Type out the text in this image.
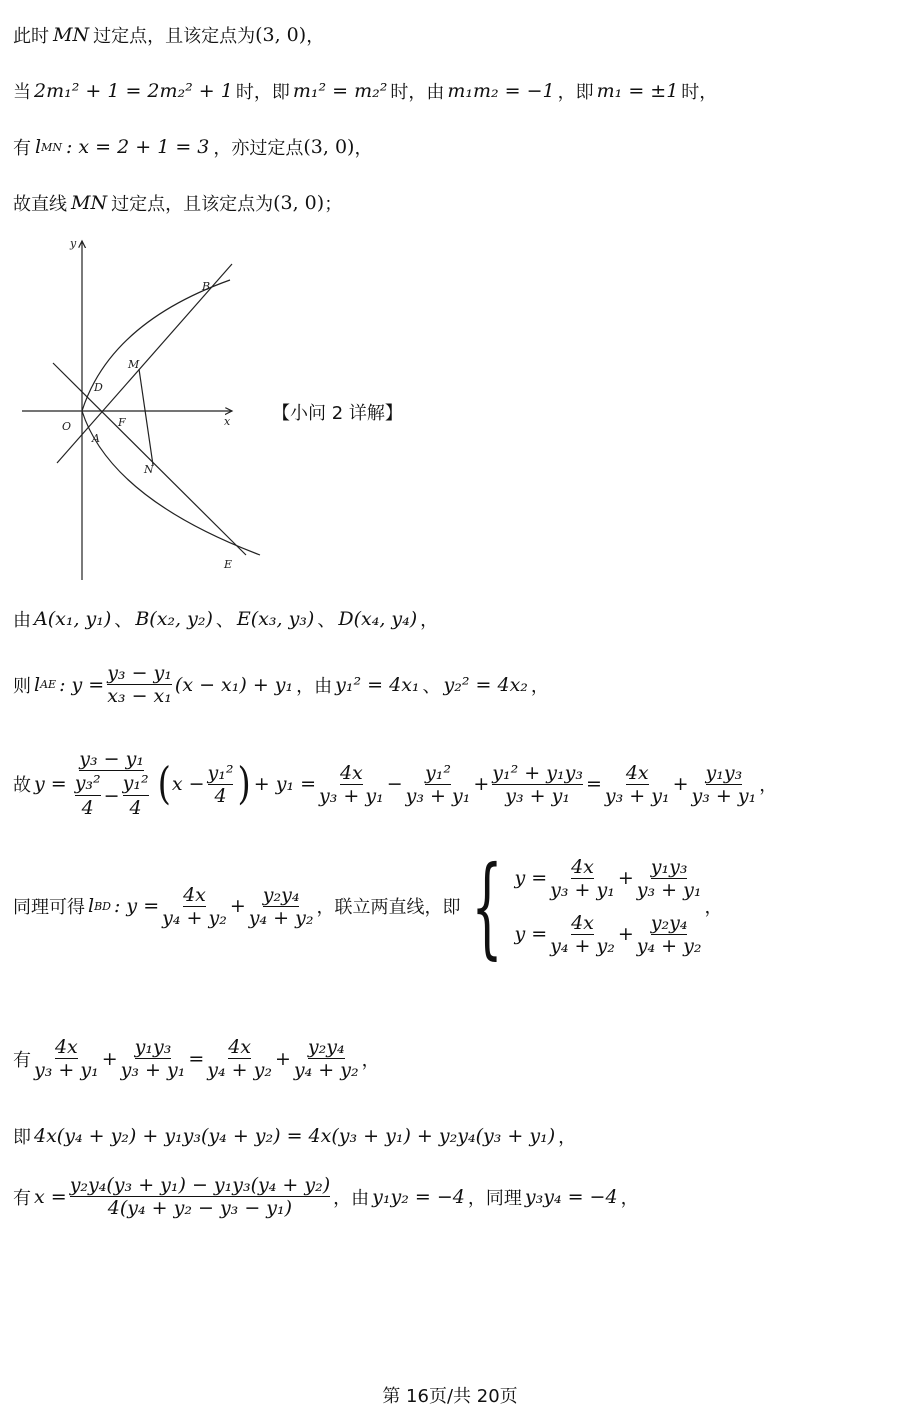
此时 MN 过定点，且该定点为 (3, 0) ，
当 2m₁² + 1 = 2m₂² + 1 时，即 m₁² = m₂² 时，由 m₁m₂ = −1 ，即 m₁ = ±1 时，
有 l MN : x = 2 + 1 = 3 ，亦过定点 (3, 0) ，
故直线 MN 过定点，且该定点为 (3, 0) ；
y
x
O
A
D
F
M
N
B
E
【小问 2 详解】
由 A(x₁, y₁) 、 B(x₂, y₂) 、 E(x₃, y₃) 、 D(x₄, y₄) ，
则 l AE : $y = \frac{\text{y₃ − y₁}}{\text{x₃ − x₁}} (x - x_1) + y_1$ ，由 y₁² = 4x₁ 、 y₂² = 4x₂ ，
故 $y = \frac{\text{y₃ − y₁}}{\frac{\text{y₃²}}{4} - \frac{\text{y₁²}}{4}}$ ( $x - \frac{\text{y₁²}}{4}$ ) + $y_1 = \frac{4x}{\text{y₃ + y₁}} - \frac{\text{y₁²}}{\text{y₃ + y₁}} + \frac{\text{y₁² + y₁y₃}}{\text{y₃ + y₁}} = \frac{4x}{\text{y₃ + y₁}} + \frac{\text{y₁y₃}}{\text{y₃ + y₁}}$ ，
同理可得 l BD : $y = \frac{4x}{\text{y₄ + y₂}} + \frac{\text{y₂y₄}}{\text{y₄ + y₂}}$ ，联立两直线，即 { $y = \frac{4x}{\text{y₃ + y₁}} + \frac{\text{y₁y₃}}{\text{y₃ + y₁}}$
$y = \frac{4x}{\text{y₄ + y₂}} + \frac{\text{y₂y₄}}{\text{y₄ + y₂}}$
，
有 $\frac{4x}{\text{y₃ + y₁}} + \frac{\text{y₁y₃}}{\text{y₃ + y₁}} = \frac{4x}{\text{y₄ + y₂}} + \frac{\text{y₂y₄}}{\text{y₄ + y₂}}$ ，
即 4x(y₄ + y₂) + y₁y₃(y₄ + y₂) = 4x(y₃ + y₁) + y₂y₄(y₃ + y₁) ，
有 $x = \frac{\text{y₂y₄(y₃ + y₁) − y₁y₃(y₄ + y₂)}}{\text{4(y₄ + y₂ − y₃ − y₁)}}$ ，由 y₁y₂ = −4 ，同理 y₃y₄ = −4 ，
第 16页/共 20页
